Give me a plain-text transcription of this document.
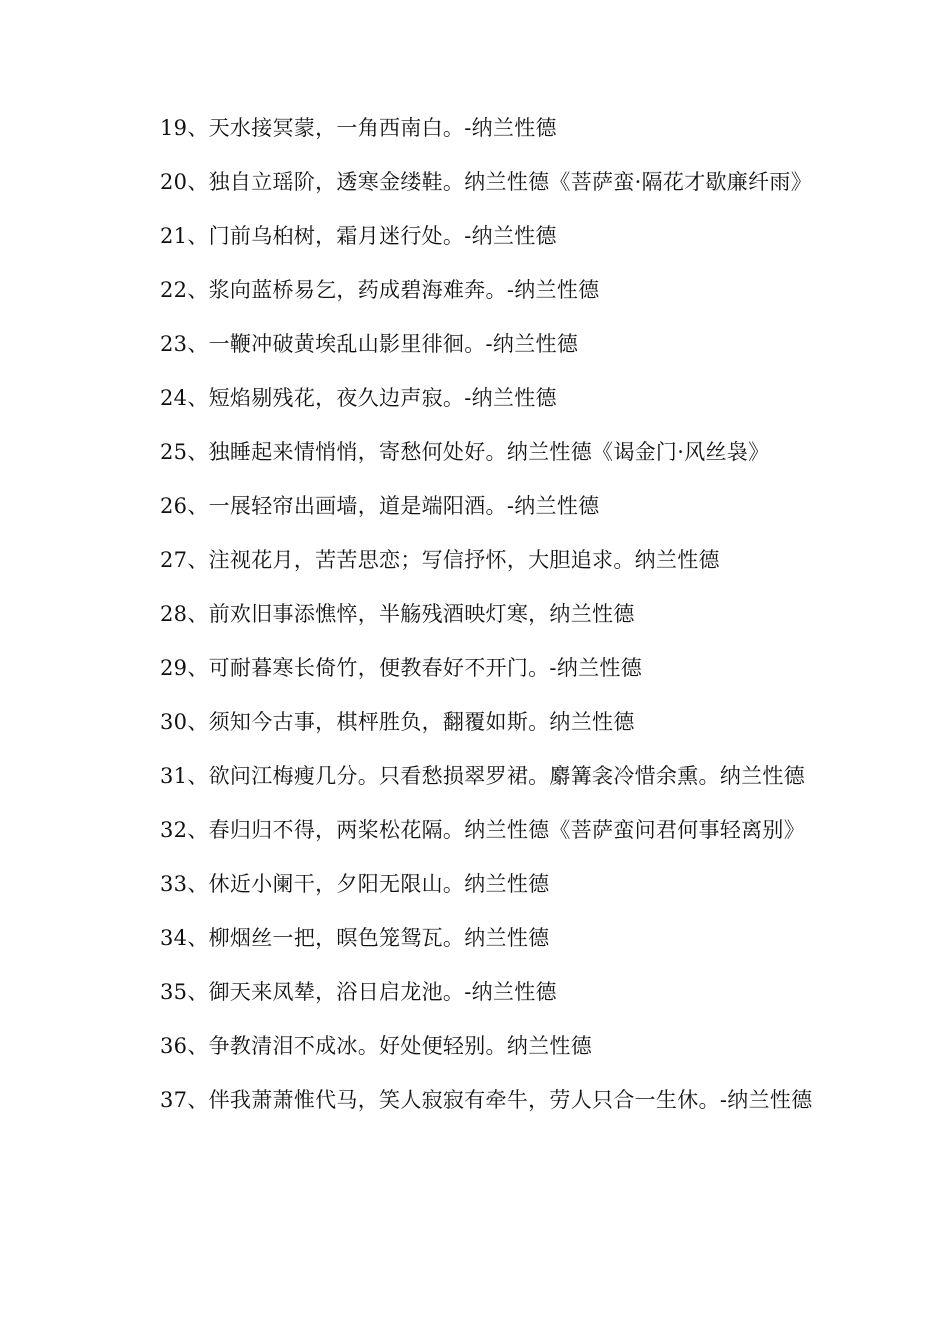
19、天水接冥蒙，一角西南白。-纳兰性德

20、独自立瑶阶，透寒金缕鞋。纳兰性德《菩萨蛮·隔花才歇廉纤雨》

21、门前乌桕树，霜月迷行处。-纳兰性德

22、浆向蓝桥易乞，药成碧海难奔。-纳兰性德

23、一鞭冲破黄埃乱山影里徘徊。-纳兰性德

24、短焰剔残花，夜久边声寂。-纳兰性德

25、独睡起来情悄悄，寄愁何处好。纳兰性德《谒金门·风丝袅》

26、一展轻帘出画墙，道是端阳酒。-纳兰性德

27、注视花月，苦苦思恋；写信抒怀，大胆追求。纳兰性德

28、前欢旧事添憔悴，半觞残酒映灯寒，纳兰性德

29、可耐暮寒长倚竹，便教春好不开门。-纳兰性德

30、须知今古事，棋枰胜负，翻覆如斯。纳兰性德

31、欲问江梅瘦几分。只看愁损翠罗裙。麝篝衾冷惜余熏。纳兰性德

32、春归归不得，两桨松花隔。纳兰性德《菩萨蛮问君何事轻离别》

33、休近小阑干，夕阳无限山。纳兰性德

34、柳烟丝一把，暝色笼鸳瓦。纳兰性德

35、御天来凤辇，浴日启龙池。-纳兰性德

36、争教清泪不成冰。好处便轻别。纳兰性德

37、伴我萧萧惟代马，笑人寂寂有牵牛，劳人只合一生休。-纳兰性德
